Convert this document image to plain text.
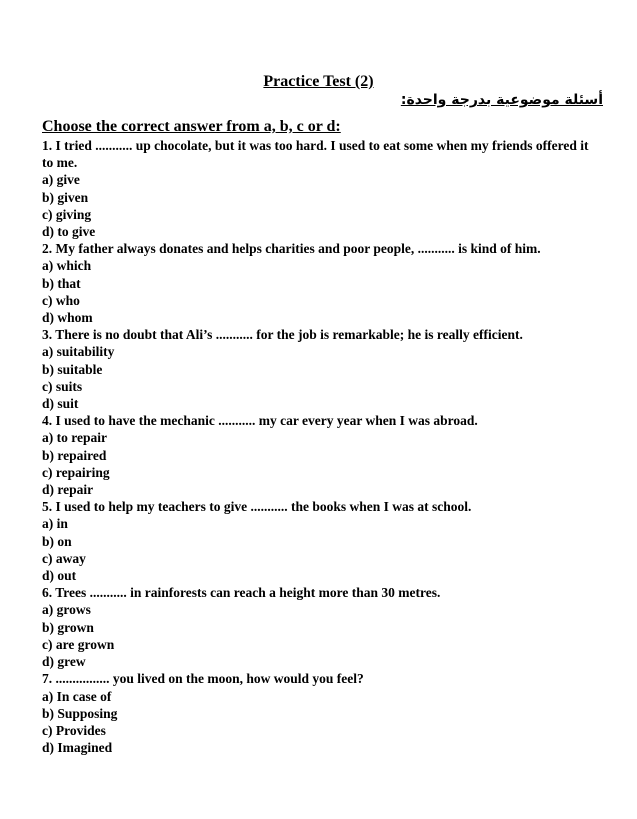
Practice Test (2)
أسئلة موضوعية بدرجة واحدة:
Choose the correct answer from a, b, c or d:
1. I tried ........... up chocolate, but it was too hard. I used to eat some when my friends offered it to me.
a) give
b) given
c) giving
d) to give
2. My father always donates and helps charities and poor people, ........... is kind of him.
a) which
b) that
c) who
d) whom
3. There is no doubt that Ali’s ........... for the job is remarkable; he is really efficient.
a) suitability
b) suitable
c) suits
d) suit
4. I used to have the mechanic ........... my car every year when I was abroad.
a) to repair
b) repaired
c) repairing
d) repair
5. I used to help my teachers to give ........... the books when I was at school.
a) in
b) on
c) away
d) out
6. Trees ........... in rainforests can reach a height more than 30 metres.
a) grows
b) grown
c) are grown
d) grew
7. ................ you lived on the moon, how would you feel?
a) In case of
b) Supposing
c) Provides
d) Imagined
